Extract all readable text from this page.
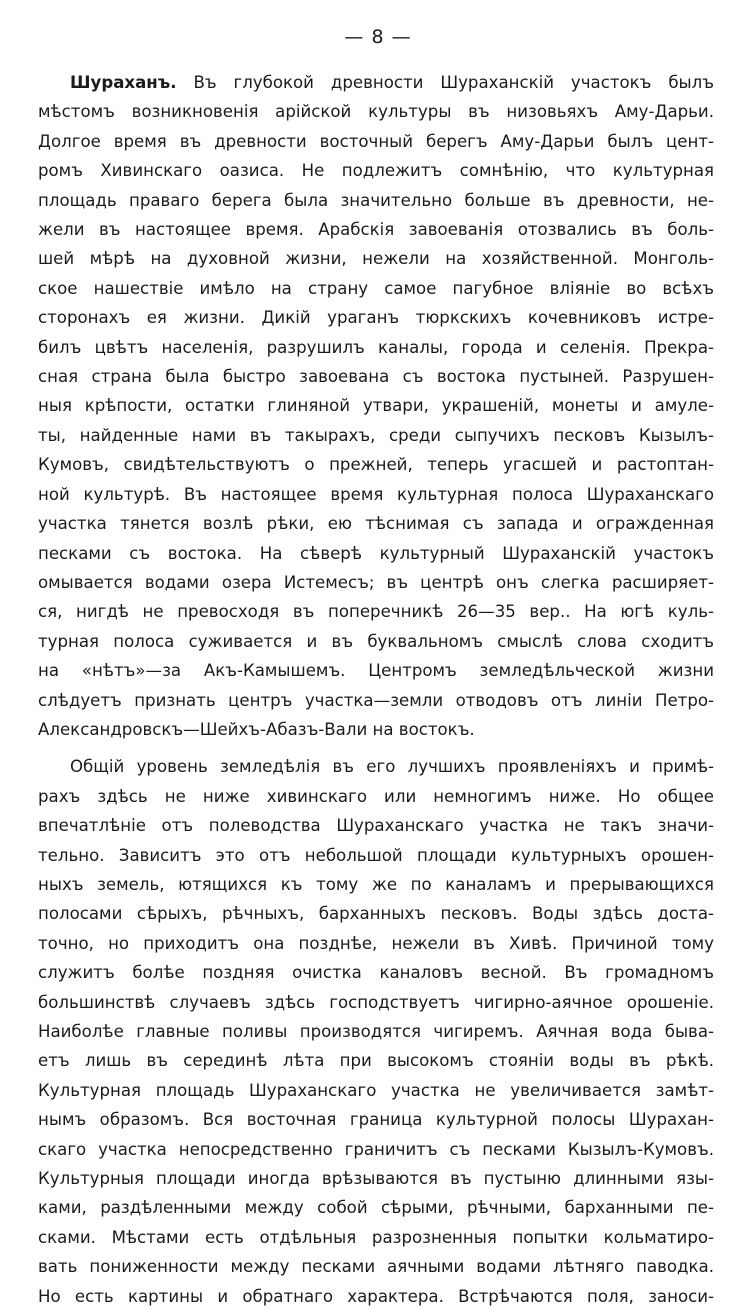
— 8 —

Шураханъ. Въ глубокой древности Шураханскій участокъ былъ
мѣстомъ возникновенія арійской культуры въ низовьяхъ Аму-Дарьи.
Долгое время въ древности восточный берегъ Аму-Дарьи былъ цент-
ромъ Хивинскаго оазиса. Не подлежитъ сомнѣнію, что культурная
площадь праваго берега была значительно больше въ древности, не-
жели въ настоящее время. Арабскія завоеванія отозвались въ боль-
шей мѣрѣ на духовной жизни, нежели на хозяйственной. Монголь-
ское нашествіе имѣло на страну самое пагубное вліяніе во всѣхъ
сторонахъ ея жизни. Дикій ураганъ тюркскихъ кочевниковъ истре-
билъ цвѣтъ населенія, разрушилъ каналы, города и селенія. Прекра-
сная страна была быстро завоевана съ востока пустыней. Разрушен-
ныя крѣпости, остатки глиняной утвари, украшеній, монеты и амуле-
ты, найденные нами въ такырахъ, среди сыпучихъ песковъ Кызылъ-
Кумовъ, свидѣтельствуютъ о прежней, теперь угасшей и растоптан-
ной культурѣ. Въ настоящее время культурная полоса Шураханскаго
участка тянется возлѣ рѣки, ею тѣснимая съ запада и огражденная
песками съ востока. На сѣверѣ культурный Шураханскій участокъ
омывается водами озера Истемесъ; въ центрѣ онъ слегка расширяет-
ся, нигдѣ не превосходя въ поперечникѣ 26—35 вер.. На югѣ куль-
турная полоса суживается и въ буквальномъ смыслѣ слова сходитъ
на «нѣтъ»—за Акъ-Камышемъ. Центромъ земледѣльческой жизни
слѣдуетъ признать центръ участка—земли отводовъ отъ линіи Петро-
Александровскъ—Шейхъ-Абазъ-Вали на востокъ.

Общій уровень земледѣлія въ его лучшихъ проявленіяхъ и примѣ-
рахъ здѣсь не ниже хивинскаго или немногимъ ниже. Но общее
впечатлѣніе отъ полеводства Шураханскаго участка не такъ значи-
тельно. Зависитъ это отъ небольшой площади культурныхъ орошен-
ныхъ земель, ютящихся къ тому же по каналамъ и прерывающихся
полосами сѣрыхъ, рѣчныхъ, барханныхъ песковъ. Воды здѣсь доста-
точно, но приходитъ она позднѣе, нежели въ Хивѣ. Причиной тому
служитъ болѣе поздняя очистка каналовъ весной. Въ громадномъ
большинствѣ случаевъ здѣсь господствуетъ чигирно-аячное орошеніе.
Наиболѣе главные поливы производятся чигиремъ. Аячная вода быва-
етъ лишь въ серединѣ лѣта при высокомъ стояніи воды въ рѣкѣ.
Культурная площадь Шураханскаго участка не увеличивается замѣт-
нымъ образомъ. Вся восточная граница культурной полосы Шурахан-
скаго участка непосредственно граничитъ съ песками Кызылъ-Кумовъ.
Культурныя площади иногда врѣзываются въ пустыню длинными язы-
ками, раздѣленными между собой сѣрыми, рѣчными, барханными пе-
сками. Мѣстами есть отдѣльныя разрозненныя попытки кольматиро-
вать пониженности между песками аячными водами лѣтняго паводка.
Но есть картины и обратнаго характера. Встрѣчаются поля, заноси-
